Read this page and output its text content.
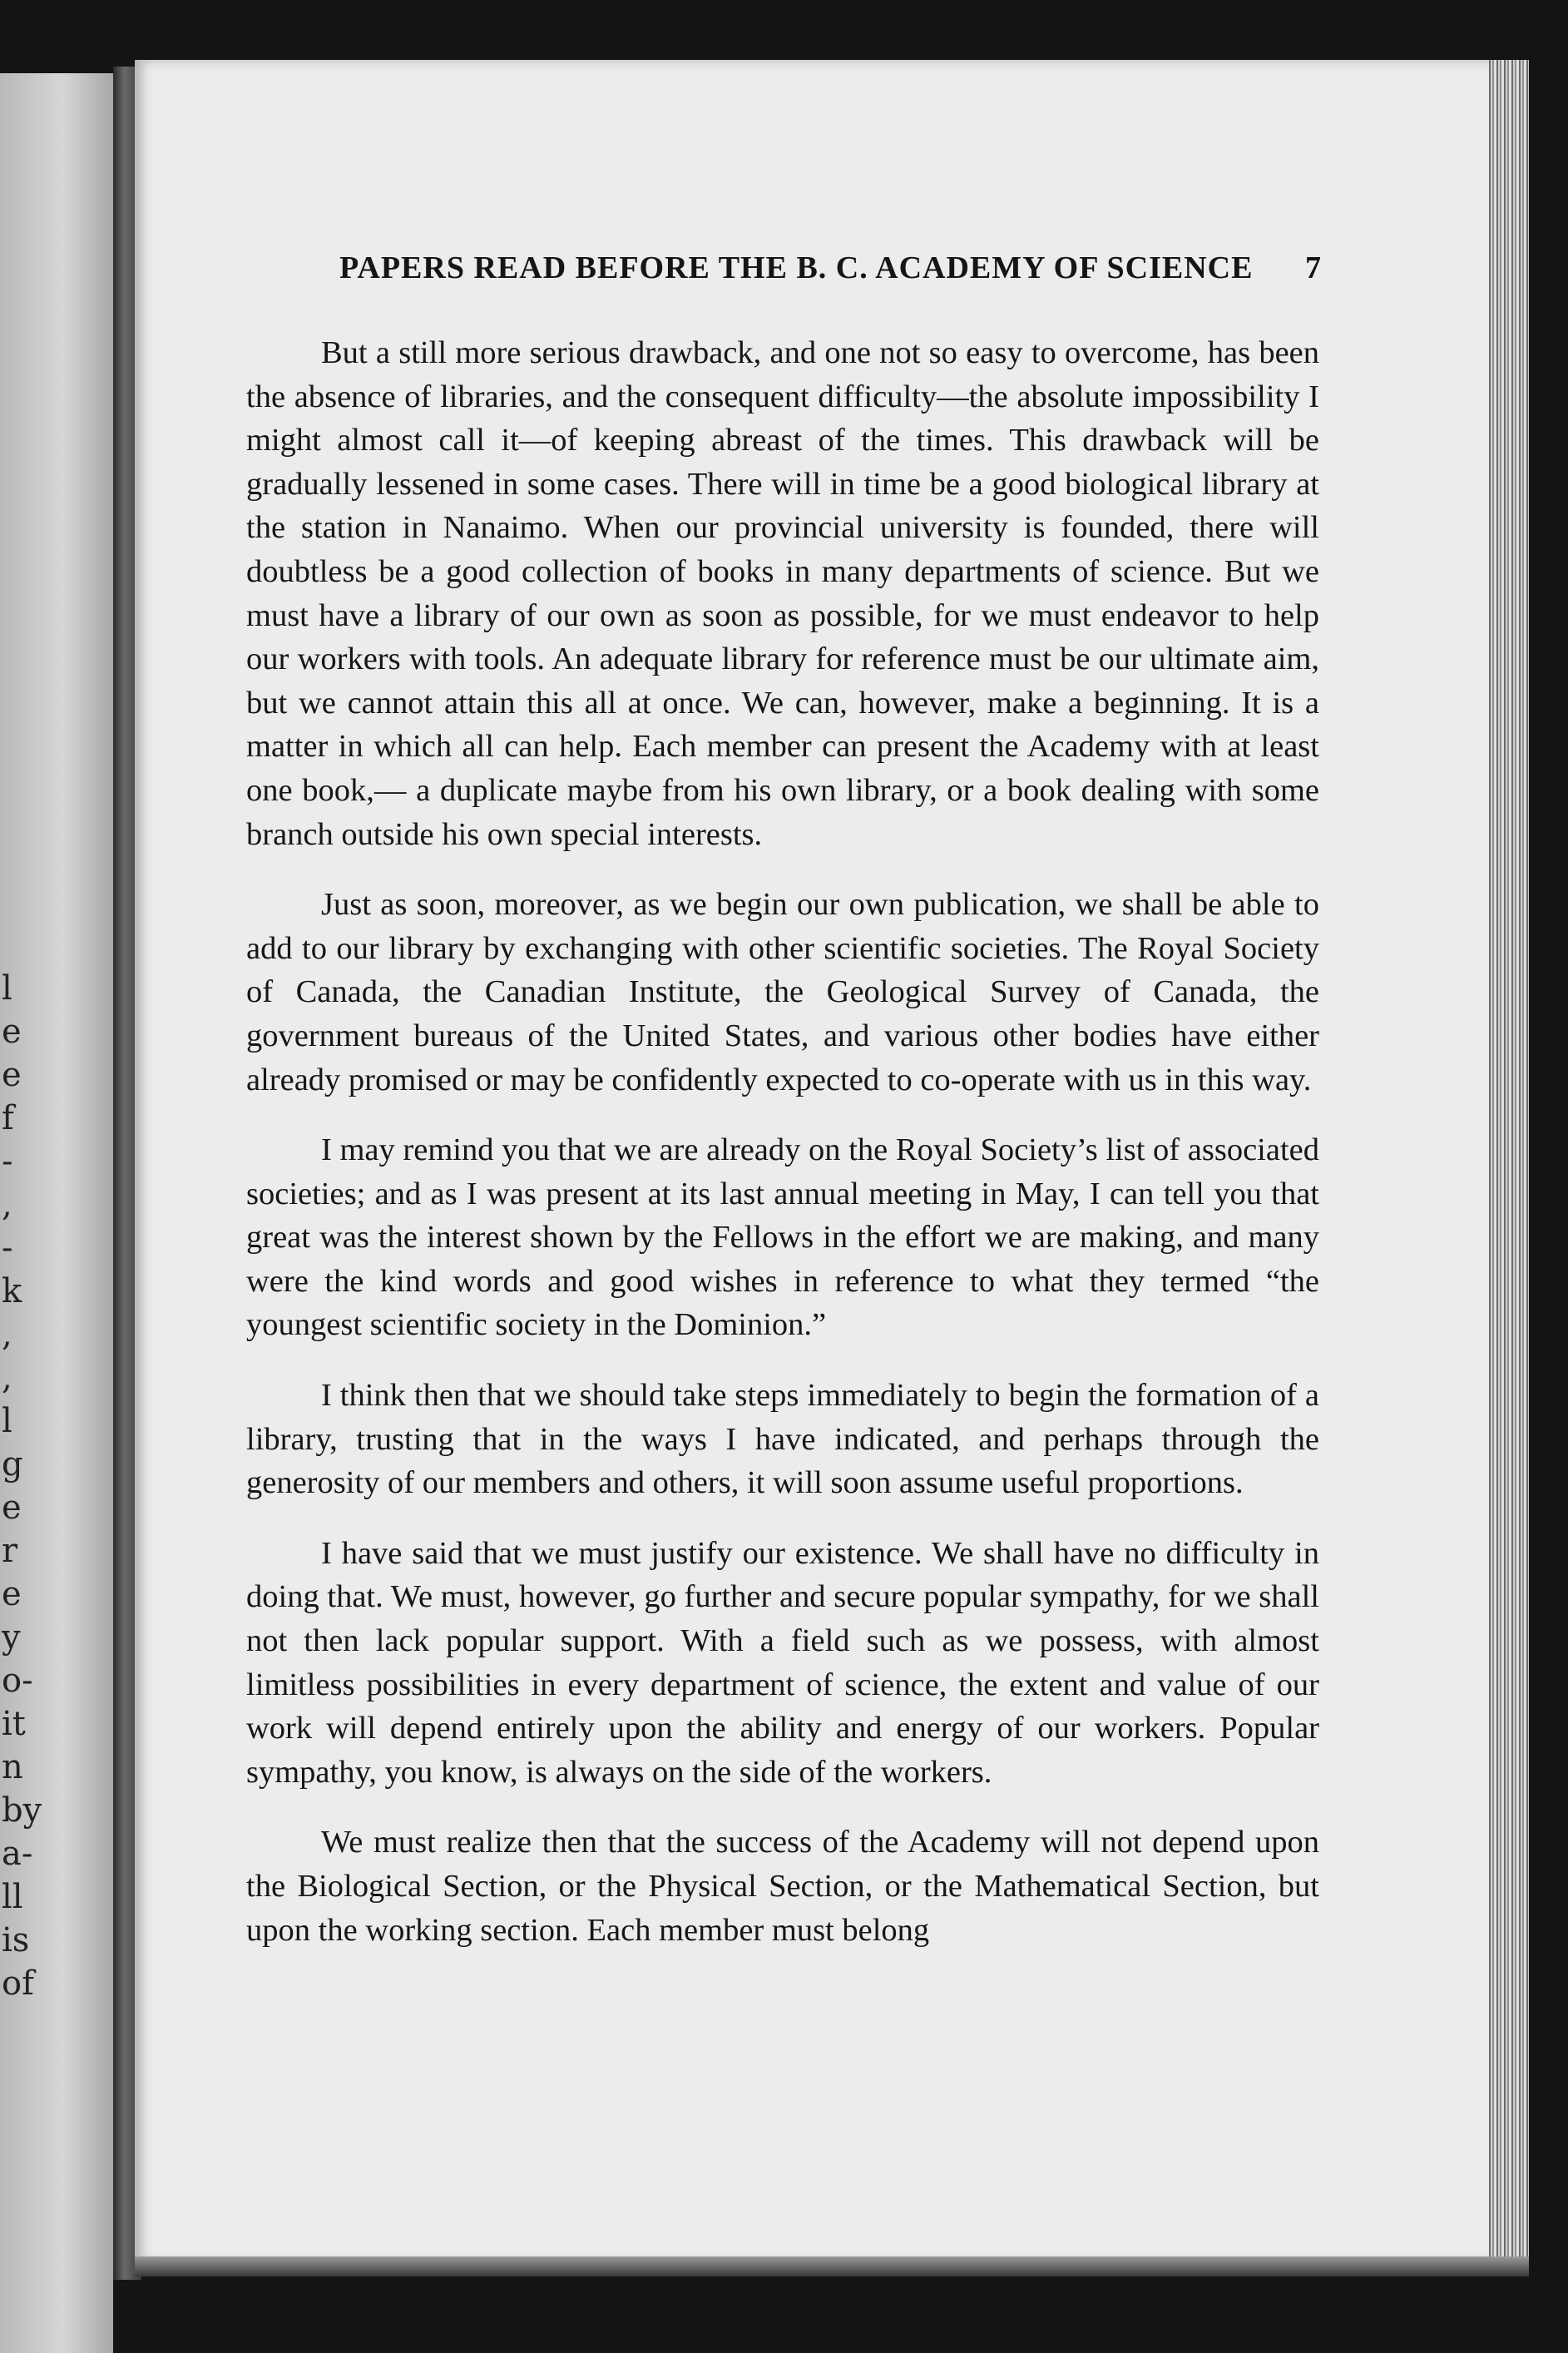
l
e
e
f
-
,
-
k
,
,
l
g
e
r
e
y
o-
it
n
by
a-
ll
is
of
PAPERS READ BEFORE THE B. C. ACADEMY OF SCIENCE 7

But a still more serious drawback, and one not so easy to overcome, has been the absence of libraries, and the consequent difficulty—the absolute impossibility I might almost call it—of keeping abreast of the times. This drawback will be gradually lessened in some cases. There will in time be a good biological library at the station in Nanaimo. When our provincial university is founded, there will doubtless be a good collection of books in many departments of science. But we must have a library of our own as soon as possible, for we must endeavor to help our workers with tools. An adequate library for reference must be our ultimate aim, but we cannot attain this all at once. We can, however, make a beginning. It is a matter in which all can help. Each member can present the Academy with at least one book,— a duplicate maybe from his own library, or a book dealing with some branch outside his own special interests.

Just as soon, moreover, as we begin our own publication, we shall be able to add to our library by exchanging with other scientific societies. The Royal Society of Canada, the Canadian Institute, the Geological Survey of Canada, the government bureaus of the United States, and various other bodies have either already promised or may be confidently expected to co-operate with us in this way.

I may remind you that we are already on the Royal Society’s list of associated societies; and as I was present at its last annual meeting in May, I can tell you that great was the interest shown by the Fellows in the effort we are making, and many were the kind words and good wishes in reference to what they termed “the youngest scientific society in the Dominion.”

I think then that we should take steps immediately to begin the formation of a library, trusting that in the ways I have indicated, and perhaps through the generosity of our members and others, it will soon assume useful proportions.

I have said that we must justify our existence. We shall have no difficulty in doing that. We must, however, go further and secure popular sympathy, for we shall not then lack popular support. With a field such as we possess, with almost limitless possibilities in every department of science, the extent and value of our work will depend entirely upon the ability and energy of our workers. Popular sympathy, you know, is always on the side of the workers.

We must realize then that the success of the Academy will not depend upon the Biological Section, or the Physical Section, or the Mathematical Section, but upon the working section. Each member must belong
